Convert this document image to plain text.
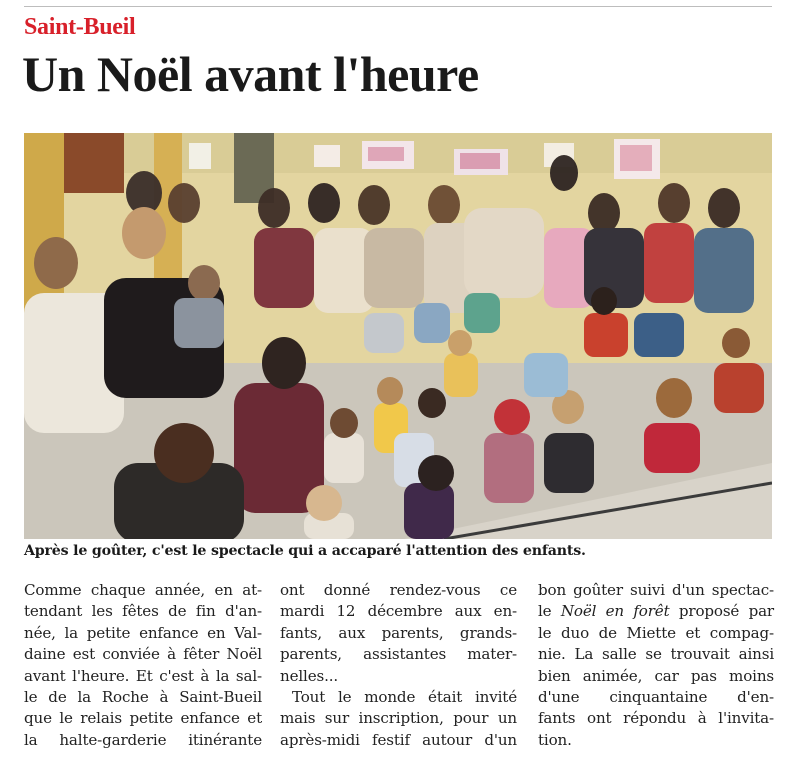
Saint-Bueil
Un Noël avant l'heure
Après le goûter, c'est le spectacle qui a accaparé l'attention des enfants.
Comme chaque année, en at-
tendant les fêtes de fin d'an-
née, la petite enfance en Val-
daine est conviée à fêter Noël
avant l'heure. Et c'est à la sal-
le de la Roche à Saint-Bueil
que le relais petite enfance et
la halte-garderie itinérante
ont donné rendez-vous ce
mardi 12 décembre aux en-
fants, aux parents, grands-
parents, assistantes mater-
nelles...
Tout le monde était invité
mais sur inscription, pour un
après-midi festif autour d'un
bon goûter suivi d'un spectac-
le Noël en forêt proposé par
le duo de Miette et compag-
nie. La salle se trouvait ainsi
bien animée, car pas moins
d'une cinquantaine d'en-
fants ont répondu à l'invita-
tion.
